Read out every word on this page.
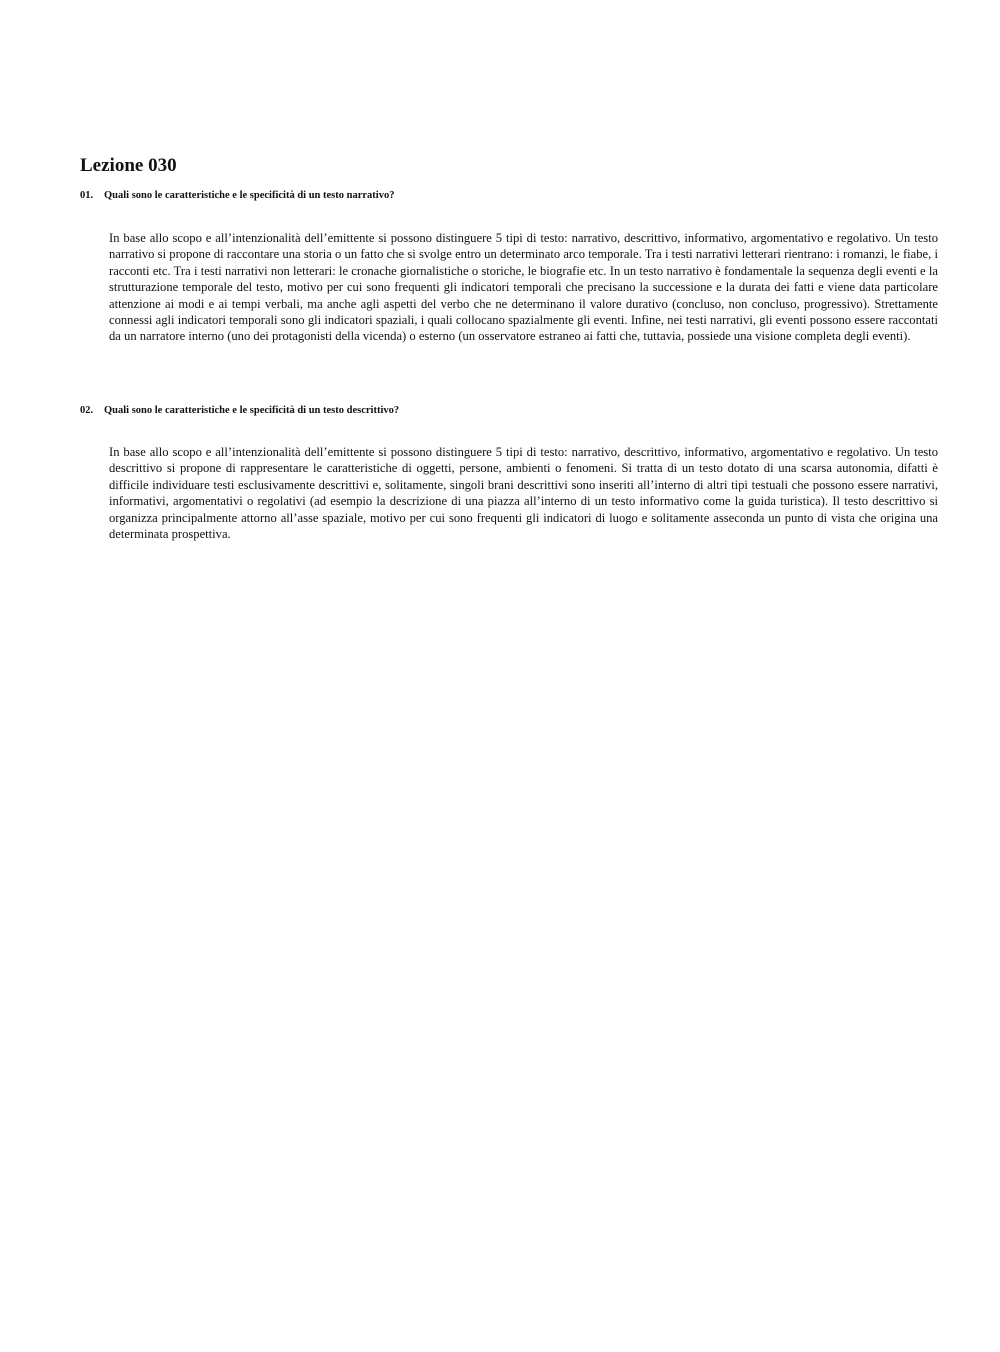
Lezione 030

01. Quali sono le caratteristiche e le specificità di un testo narrativo?

In base allo scopo e all’intenzionalità dell’emittente si possono distinguere 5 tipi di testo: narrativo, descrittivo, informativo, argomentativo e regolativo. Un testo narrativo si propone di raccontare una storia o un fatto che si svolge entro un determinato arco temporale. Tra i testi narrativi letterari rientrano: i romanzi, le fiabe, i racconti etc. Tra i testi narrativi non letterari: le cronache giornalistiche o storiche, le biografie etc. In un testo narrativo è fondamentale la sequenza degli eventi e la strutturazione temporale del testo, motivo per cui sono frequenti gli indicatori temporali che precisano la successione e la durata dei fatti e viene data particolare attenzione ai modi e ai tempi verbali, ma anche agli aspetti del verbo che ne determinano il valore durativo (concluso, non concluso, progressivo). Strettamente connessi agli indicatori temporali sono gli indicatori spaziali, i quali collocano spazialmente gli eventi. Infine, nei testi narrativi, gli eventi possono essere raccontati da un narratore interno (uno dei protagonisti della vicenda) o esterno (un osservatore estraneo ai fatti che, tuttavia, possiede una visione completa degli eventi).

02. Quali sono le caratteristiche e le specificità di un testo descrittivo?

In base allo scopo e all’intenzionalità dell’emittente si possono distinguere 5 tipi di testo: narrativo, descrittivo, informativo, argomentativo e regolativo. Un testo descrittivo si propone di rappresentare le caratteristiche di oggetti, persone, ambienti o fenomeni. Si tratta di un testo dotato di una scarsa autonomia, difatti è difficile individuare testi esclusivamente descrittivi e, solitamente, singoli brani descrittivi sono inseriti all’interno di altri tipi testuali che possono essere narrativi, informativi, argomentativi o regolativi (ad esempio la descrizione di una piazza all’interno di un testo informativo come la guida turistica). Il testo descrittivo si organizza principalmente attorno all’asse spaziale, motivo per cui sono frequenti gli indicatori di luogo e solitamente asseconda un punto di vista che origina una determinata prospettiva.
